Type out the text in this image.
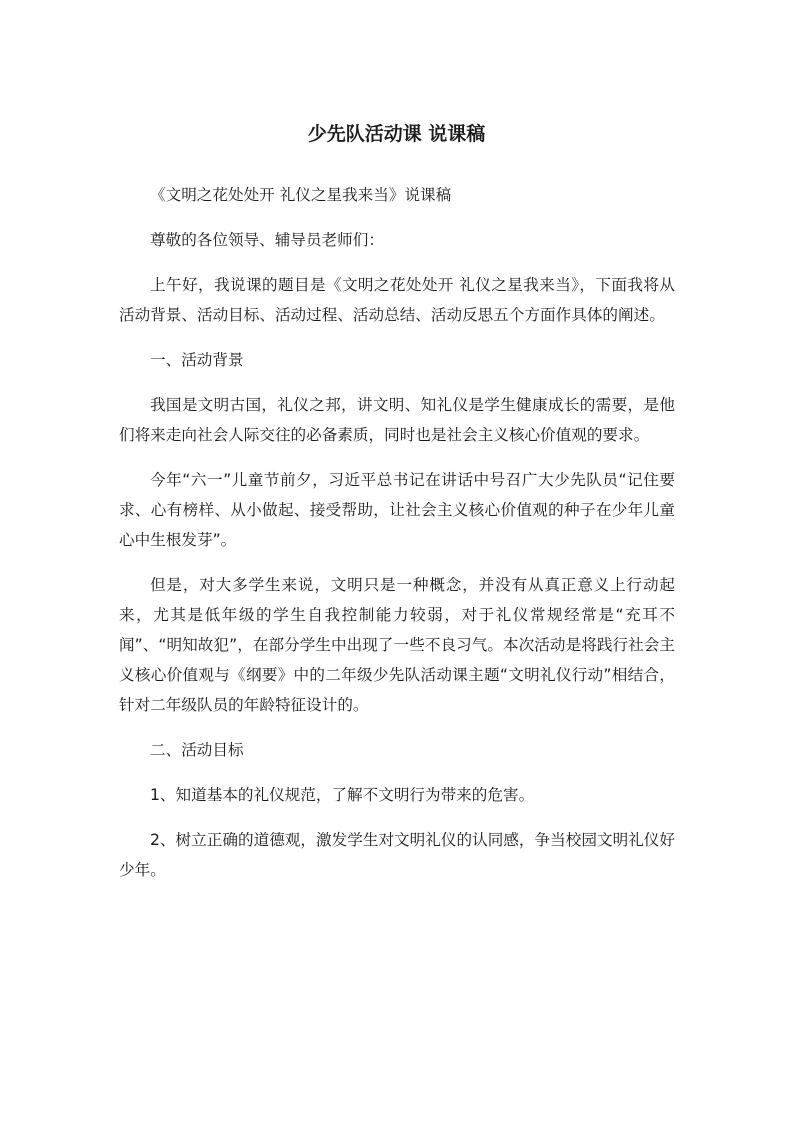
少先队活动课 说课稿

《文明之花处处开 礼仪之星我来当》说课稿

尊敬的各位领导、辅导员老师们：

上午好，我说课的题目是《文明之花处处开 礼仪之星我来当》，下面我将从活动背景、活动目标、活动过程、活动总结、活动反思五个方面作具体的阐述。

一、活动背景

我国是文明古国，礼仪之邦，讲文明、知礼仪是学生健康成长的需要，是他们将来走向社会人际交往的必备素质，同时也是社会主义核心价值观的要求。

今年“六一”儿童节前夕，习近平总书记在讲话中号召广大少先队员“记住要求、心有榜样、从小做起、接受帮助，让社会主义核心价值观的种子在少年儿童心中生根发芽”。

但是，对大多学生来说，文明只是一种概念，并没有从真正意义上行动起来，尤其是低年级的学生自我控制能力较弱，对于礼仪常规经常是“充耳不闻”、“明知故犯”，在部分学生中出现了一些不良习气。本次活动是将践行社会主义核心价值观与《纲要》中的二年级少先队活动课主题“文明礼仪行动”相结合，针对二年级队员的年龄特征设计的。

二、活动目标

1、知道基本的礼仪规范，了解不文明行为带来的危害。

2、树立正确的道德观，激发学生对文明礼仪的认同感，争当校园文明礼仪好少年。
